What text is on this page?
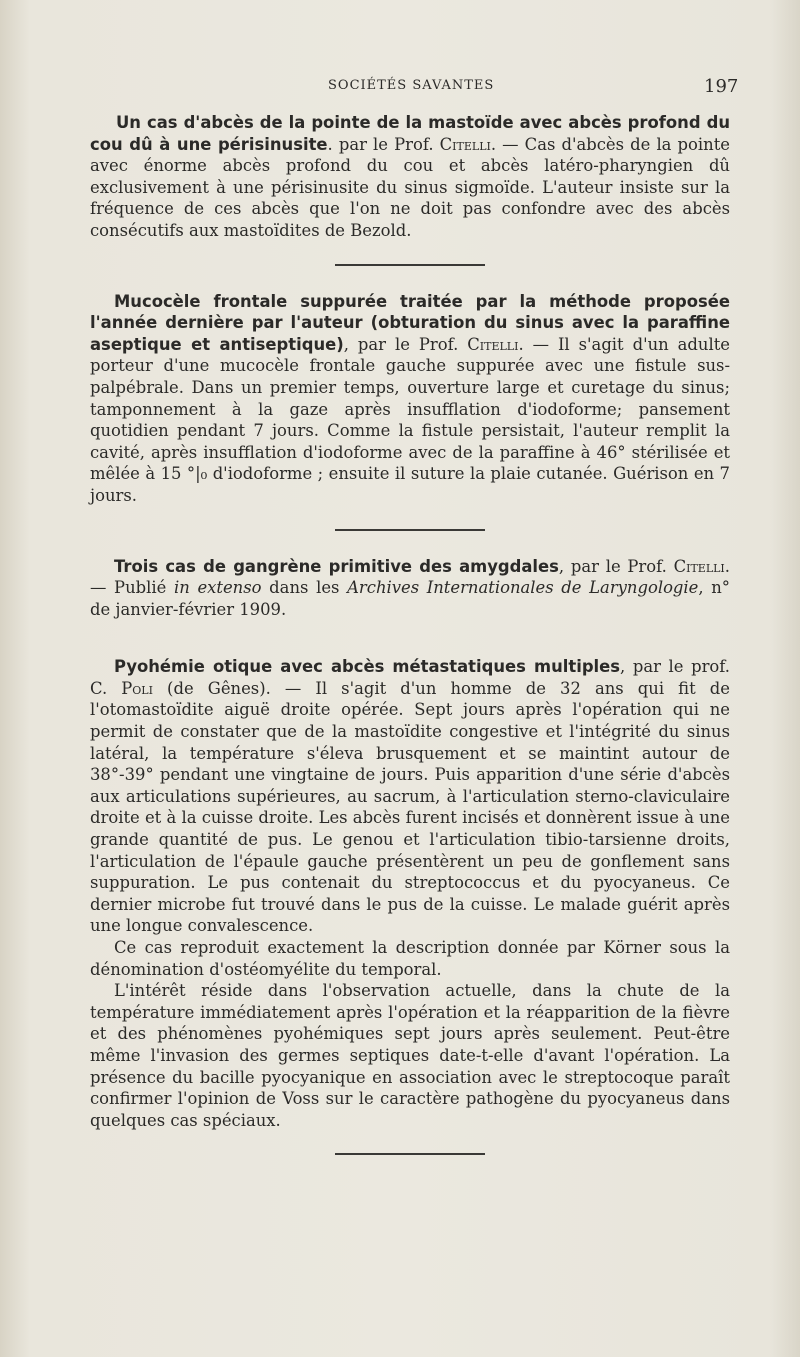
SOCIÉTÉS SAVANTES	197

Un cas d'abcès de la pointe de la mastoïde avec abcès profond du cou dû à une périsinusite. par le Prof. Citelli. — Cas d'abcès de la pointe avec énorme abcès profond du cou et abcès latéro-pharyngien dû exclusivement à une périsinusite du sinus sigmoïde. L'auteur insiste sur la fréquence de ces abcès que l'on ne doit pas confondre avec des abcès consécutifs aux mastoïdites de Bezold.

Mucocèle frontale suppurée traitée par la méthode proposée l'année dernière par l'auteur (obturation du sinus avec la paraffine aseptique et antiseptique), par le Prof. Citelli. — Il s'agit d'un adulte porteur d'une mucocèle frontale gauche suppurée avec une fistule sus-palpébrale. Dans un premier temps, ouverture large et curetage du sinus; tamponnement à la gaze après insufflation d'iodoforme; pansement quotidien pendant 7 jours. Comme la fistule persistait, l'auteur remplit la cavité, après insufflation d'iodoforme avec de la paraffine à 46° stérilisée et mêlée à 15 °|₀ d'iodoforme ; ensuite il suture la plaie cutanée. Guérison en 7 jours.

Trois cas de gangrène primitive des amygdales, par le Prof. Citelli. — Publié in extenso dans les Archives Internationales de Laryngologie, n° de janvier-février 1909.

Pyohémie otique avec abcès métastatiques multiples, par le prof. C. Poli (de Gênes). — Il s'agit d'un homme de 32 ans qui fit de l'otomastoïdite aiguë droite opérée. Sept jours après l'opération qui ne permit de constater que de la mastoïdite congestive et l'intégrité du sinus latéral, la température s'éleva brusquement et se maintint autour de 38°-39° pendant une vingtaine de jours. Puis apparition d'une série d'abcès aux articulations supérieures, au sacrum, à l'articulation sterno-claviculaire droite et à la cuisse droite. Les abcès furent incisés et donnèrent issue à une grande quantité de pus. Le genou et l'articulation tibio-tarsienne droits, l'articulation de l'épaule gauche présentèrent un peu de gonflement sans suppuration. Le pus contenait du streptococcus et du pyocyaneus. Ce dernier microbe fut trouvé dans le pus de la cuisse. Le malade guérit après une longue convalescence.

Ce cas reproduit exactement la description donnée par Körner sous la dénomination d'ostéomyélite du temporal.

L'intérêt réside dans l'observation actuelle, dans la chute de la température immédiatement après l'opération et la réapparition de la fièvre et des phénomènes pyohémiques sept jours après seulement. Peut-être même l'invasion des germes septiques date-t-elle d'avant l'opération. La présence du bacille pyocyanique en association avec le streptocoque paraît confirmer l'opinion de Voss sur le caractère pathogène du pyocyaneus dans quelques cas spéciaux.
